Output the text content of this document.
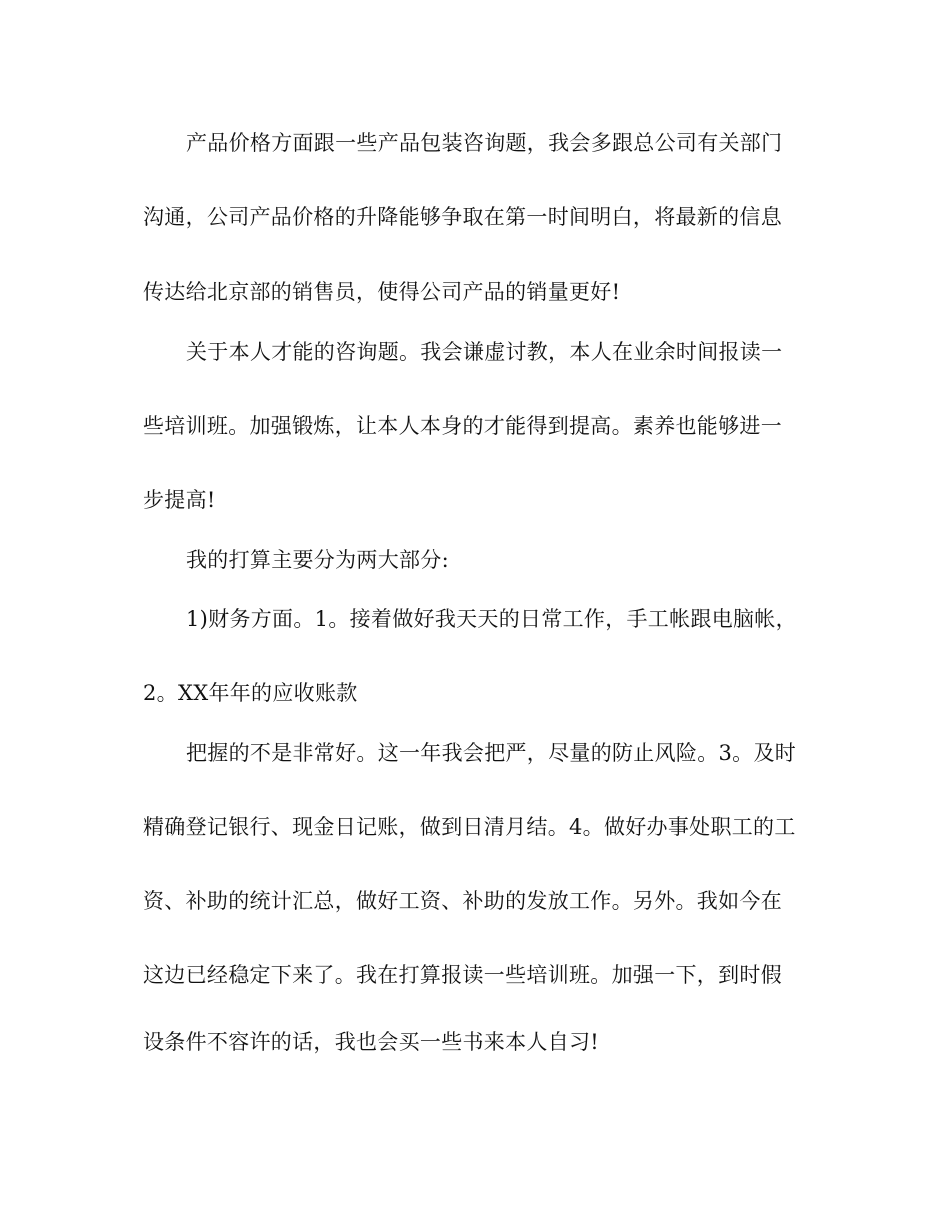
产品价格方面跟一些产品包装咨询题，我会多跟总公司有关部门
沟通，公司产品价格的升降能够争取在第一时间明白，将最新的信息
传达给北京部的销售员，使得公司产品的销量更好!
关于本人才能的咨询题。我会谦虚讨教，本人在业余时间报读一
些培训班。加强锻炼，让本人本身的才能得到提高。素养也能够进一
步提高!
我的打算主要分为两大部分:
1)财务方面。1。接着做好我天天的日常工作，手工帐跟电脑帐，
2。XX年年的应收账款
把握的不是非常好。这一年我会把严，尽量的防止风险。3。及时
精确登记银行、现金日记账，做到日清月结。4。做好办事处职工的工
资、补助的统计汇总，做好工资、补助的发放工作。另外。我如今在
这边已经稳定下来了。我在打算报读一些培训班。加强一下，到时假
设条件不容许的话，我也会买一些书来本人自习!
